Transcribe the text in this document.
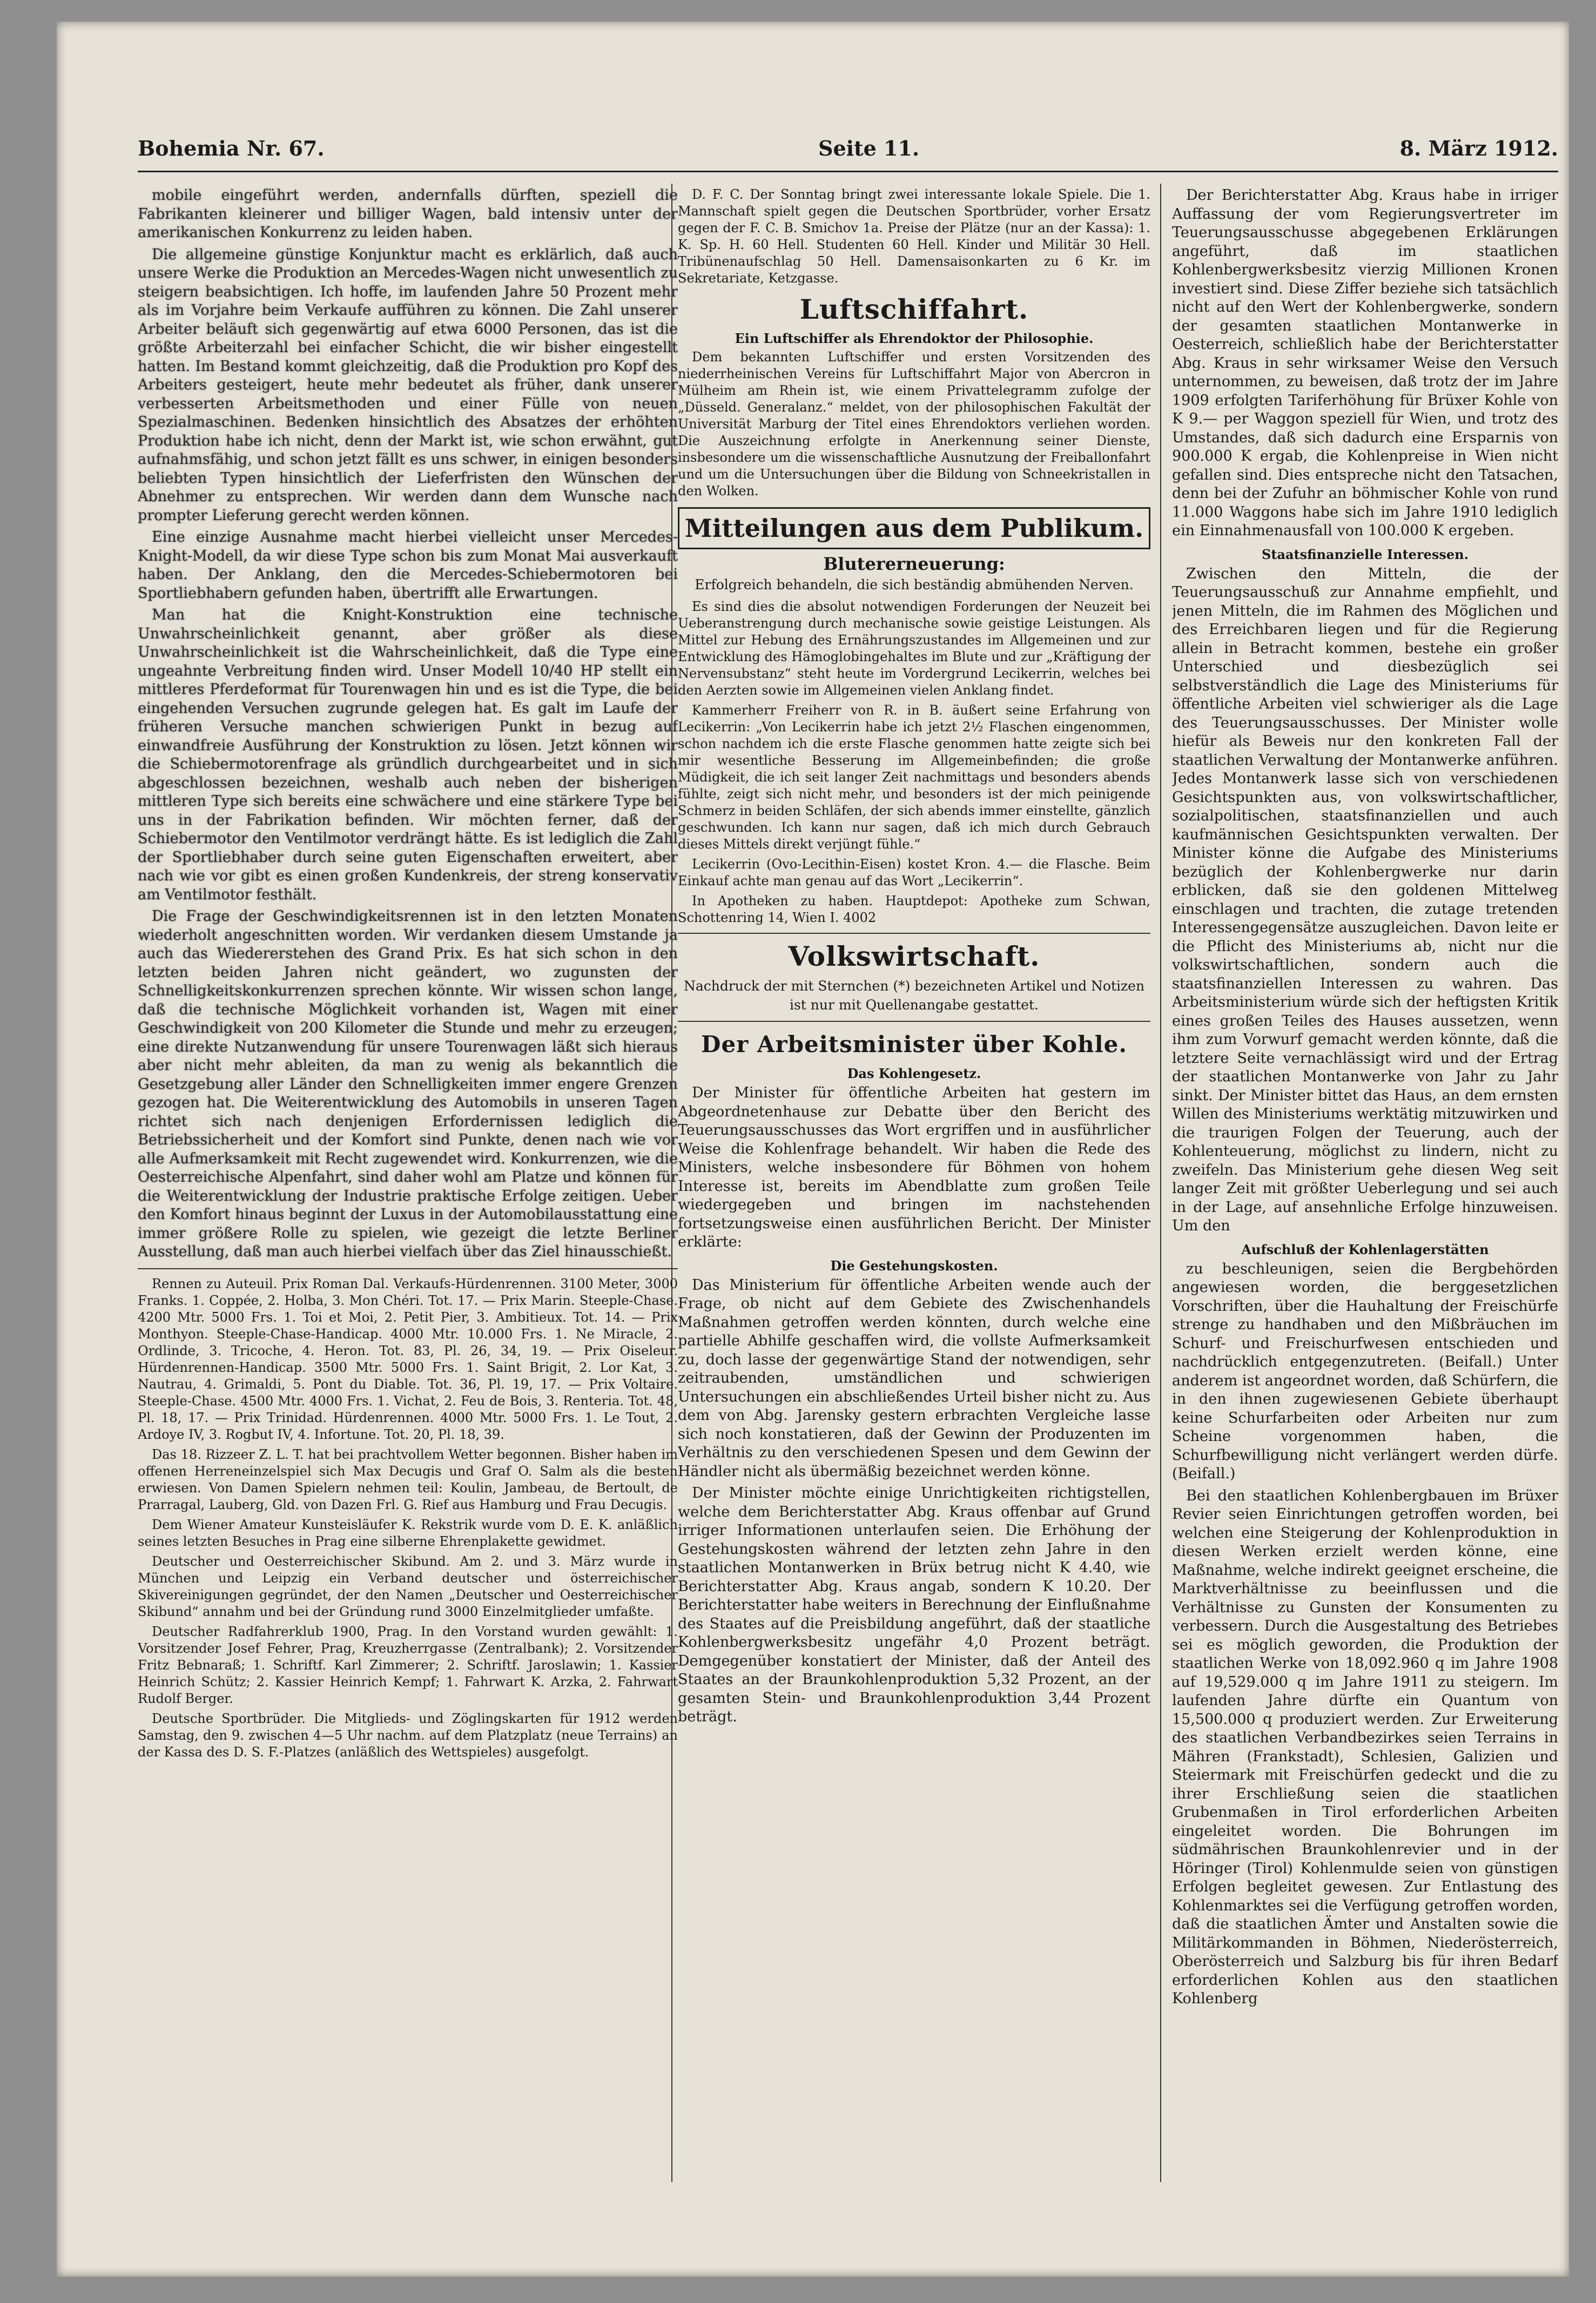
Bohemia Nr. 67.	Seite 11.	8. März 1912.

mobile eingeführt werden, andernfalls dürften, speziell die Fabrikanten kleinerer und billiger Wagen, bald intensiv unter der amerikanischen Konkurrenz zu leiden haben.

Die allgemeine günstige Konjunktur macht es erklärlich, daß auch unsere Werke die Produktion an Mercedes-Wagen nicht unwesentlich zu steigern beabsichtigen. Ich hoffe, im laufenden Jahre 50 Prozent mehr als im Vorjahre beim Verkaufe aufführen zu können. Die Zahl unserer Arbeiter beläuft sich gegenwärtig auf etwa 6000 Personen, das ist die größte Arbeiterzahl bei einfacher Schicht, die wir bisher eingestellt hatten. Im Bestand kommt gleichzeitig, daß die Produktion pro Kopf des Arbeiters gesteigert, heute mehr bedeutet als früher, dank unserer verbesserten Arbeitsmethoden und einer Fülle von neuen Spezialmaschinen. Bedenken hinsichtlich des Absatzes der erhöhten Produktion habe ich nicht, denn der Markt ist, wie schon erwähnt, gut aufnahmsfähig, und schon jetzt fällt es uns schwer, in einigen besonders beliebten Typen hinsichtlich der Lieferfristen den Wünschen der Abnehmer zu entsprechen. Wir werden dann dem Wunsche nach prompter Lieferung gerecht werden können.

Eine einzige Ausnahme macht hierbei vielleicht unser Mercedes-Knight-Modell, da wir diese Type schon bis zum Monat Mai ausverkauft haben. Der Anklang, den die Mercedes-Schiebermotoren bei Sportliebhabern gefunden haben, übertrifft alle Erwartungen.

Man hat die Knight-Konstruktion eine technische Unwahrscheinlichkeit genannt, aber größer als diese Unwahrscheinlichkeit ist die Wahrscheinlichkeit, daß die Type eine ungeahnte Verbreitung finden wird. Unser Modell 10/40 HP stellt ein mittleres Pferdeformat für Tourenwagen hin und es ist die Type, die bei eingehenden Versuchen zugrunde gelegen hat. Es galt im Laufe der früheren Versuche manchen schwierigen Punkt in bezug auf einwandfreie Ausführung der Konstruktion zu lösen. Jetzt können wir die Schiebermotorenfrage als gründlich durchgearbeitet und in sich abgeschlossen bezeichnen, weshalb auch neben der bisherigen mittleren Type sich bereits eine schwächere und eine stärkere Type bei uns in der Fabrikation befinden. Wir möchten ferner, daß der Schiebermotor den Ventilmotor verdrängt hätte. Es ist lediglich die Zahl der Sportliebhaber durch seine guten Eigenschaften erweitert, aber nach wie vor gibt es einen großen Kundenkreis, der streng konservativ am Ventilmotor festhält.

Die Frage der Geschwindigkeitsrennen ist in den letzten Monaten wiederholt angeschnitten worden. Wir verdanken diesem Umstande ja auch das Wiedererstehen des Grand Prix. Es hat sich schon in den letzten beiden Jahren nicht geändert, wo zugunsten der Schnelligkeitskonkurrenzen sprechen könnte. Wir wissen schon lange, daß die technische Möglichkeit vorhanden ist, Wagen mit einer Geschwindigkeit von 200 Kilometer die Stunde und mehr zu erzeugen; eine direkte Nutzanwendung für unsere Tourenwagen läßt sich hieraus aber nicht mehr ableiten, da man zu wenig als bekanntlich die Gesetzgebung aller Länder den Schnelligkeiten immer engere Grenzen gezogen hat. Die Weiterentwicklung des Automobils in unseren Tagen richtet sich nach denjenigen Erfordernissen lediglich die Betriebssicherheit und der Komfort sind Punkte, denen nach wie vor alle Aufmerksamkeit mit Recht zugewendet wird. Konkurrenzen, wie die Oesterreichische Alpenfahrt, sind daher wohl am Platze und können für die Weiterentwicklung der Industrie praktische Erfolge zeitigen. Ueber den Komfort hinaus beginnt der Luxus in der Automobilausstattung eine immer größere Rolle zu spielen, wie gezeigt die letzte Berliner Ausstellung, daß man auch hierbei vielfach über das Ziel hinausschießt.

Rennen zu Auteuil. Prix Roman Dal. Verkaufs-Hürdenrennen. 3100 Meter, 3000 Franks. 1. Coppée, 2. Holba, 3. Mon Chéri. Tot. 17. — Prix Marin. Steeple-Chase. 4200 Mtr. 5000 Frs. 1. Toi et Moi, 2. Petit Pier, 3. Ambitieux. Tot. 14. — Prix Monthyon. Steeple-Chase-Handicap. 4000 Mtr. 10.000 Frs. 1. Ne Miracle, 2. Ordlinde, 3. Tricoche, 4. Heron. Tot. 83, Pl. 26, 34, 19. — Prix Oiseleur. Hürdenrennen-Handicap. 3500 Mtr. 5000 Frs. 1. Saint Brigit, 2. Lor Kat, 3. Nautrau, 4. Grimaldi, 5. Pont du Diable. Tot. 36, Pl. 19, 17. — Prix Voltaire. Steeple-Chase. 4500 Mtr. 4000 Frs. 1. Vichat, 2. Feu de Bois, 3. Renteria. Tot. 48, Pl. 18, 17. — Prix Trinidad. Hürdenrennen. 4000 Mtr. 5000 Frs. 1. Le Tout, 2. Ardoye IV, 3. Rogbut IV, 4. Infortune. Tot. 20, Pl. 18, 39.

Das 18. Rizzeer Z. L. T. hat bei prachtvollem Wetter begonnen. Bisher haben im offenen Herreneinzelspiel sich Max Decugis und Graf O. Salm als die besten erwiesen. Von Damen Spielern nehmen teil: Koulin, Jambeau, de Bertoult, de Prarragal, Lauberg, Gld. von Dazen Frl. G. Rief aus Hamburg und Frau Decugis.

Dem Wiener Amateur Kunsteisläufer K. Rekstrik wurde vom D. E. K. anläßlich seines letzten Besuches in Prag eine silberne Ehrenplakette gewidmet.

Deutscher und Oesterreichischer Skibund. Am 2. und 3. März wurde in München und Leipzig ein Verband deutscher und österreichischer Skivereinigungen gegründet, der den Namen „Deutscher und Oesterreichischer Skibund“ annahm und bei der Gründung rund 3000 Einzelmitglieder umfaßte.

Deutscher Radfahrerklub 1900, Prag. In den Vorstand wurden gewählt: 1. Vorsitzender Josef Fehrer, Prag, Kreuzherrgasse (Zentralbank); 2. Vorsitzender Fritz Bebnaraß; 1. Schriftf. Karl Zimmerer; 2. Schriftf. Jaroslawin; 1. Kassier Heinrich Schütz; 2. Kassier Heinrich Kempf; 1. Fahrwart K. Arzka, 2. Fahrwart Rudolf Berger.

Deutsche Sportbrüder. Die Mitglieds- und Zöglingskarten für 1912 werden Samstag, den 9. zwischen 4—5 Uhr nachm. auf dem Platzplatz (neue Terrains) an der Kassa des D. S. F.-Platzes (anläßlich des Wettspieles) ausgefolgt.

D. F. C. Der Sonntag bringt zwei interessante lokale Spiele. Die 1. Mannschaft spielt gegen die Deutschen Sportbrüder, vorher Ersatz gegen der F. C. B. Smichov 1a. Preise der Plätze (nur an der Kassa): 1. K. Sp. H. 60 Hell. Studenten 60 Hell. Kinder und Militär 30 Hell. Tribünenaufschlag 50 Hell. Damensaisonkarten zu 6 Kr. im Sekretariate, Ketzgasse.

Luftschiffahrt.
Ein Luftschiffer als Ehrendoktor der Philosophie.

Dem bekannten Luftschiffer und ersten Vorsitzenden des niederrheinischen Vereins für Luftschiffahrt Major von Abercron in Mülheim am Rhein ist, wie einem Privattelegramm zufolge der „Düsseld. Generalanz.“ meldet, von der philosophischen Fakultät der Universität Marburg der Titel eines Ehrendoktors verliehen worden. Die Auszeichnung erfolgte in Anerkennung seiner Dienste, insbesondere um die wissenschaftliche Ausnutzung der Freiballonfahrt und um die Untersuchungen über die Bildung von Schneekristallen in den Wolken.

Mitteilungen aus dem Publikum.
Blutererneuerung:
Erfolgreich behandeln, die sich beständig abmühenden Nerven.

Es sind dies die absolut notwendigen Forderungen der Neuzeit bei Ueberanstrengung durch mechanische sowie geistige Leistungen. Als Mittel zur Hebung des Ernährungszustandes im Allgemeinen und zur Entwicklung des Hämoglobingehaltes im Blute und zur „Kräftigung der Nervensubstanz“ steht heute im Vordergrund Lecikerrin, welches bei den Aerzten sowie im Allgemeinen vielen Anklang findet.

Kammerherr Freiherr von R. in B. äußert seine Erfahrung von Lecikerrin: „Von Lecikerrin habe ich jetzt 2½ Flaschen eingenommen, schon nachdem ich die erste Flasche genommen hatte zeigte sich bei mir wesentliche Besserung im Allgemeinbefinden; die große Müdigkeit, die ich seit langer Zeit nachmittags und besonders abends fühlte, zeigt sich nicht mehr, und besonders ist der mich peinigende Schmerz in beiden Schläfen, der sich abends immer einstellte, gänzlich geschwunden. Ich kann nur sagen, daß ich mich durch Gebrauch dieses Mittels direkt verjüngt fühle.“

Lecikerrin (Ovo-Lecithin-Eisen) kostet Kron. 4.— die Flasche. Beim Einkauf achte man genau auf das Wort „Lecikerrin“.

In Apotheken zu haben. Hauptdepot: Apotheke zum Schwan, Schottenring 14, Wien I. 4002

Volkswirtschaft.
Nachdruck der mit Sternchen (*) bezeichneten Artikel und Notizen ist nur mit Quellenangabe gestattet.
Der Arbeitsminister über Kohle.
Das Kohlengesetz.

Der Minister für öffentliche Arbeiten hat gestern im Abgeordnetenhause zur Debatte über den Bericht des Teuerungsausschusses das Wort ergriffen und in ausführlicher Weise die Kohlenfrage behandelt. Wir haben die Rede des Ministers, welche insbesondere für Böhmen von hohem Interesse ist, bereits im Abendblatte zum großen Teile wiedergegeben und bringen im nachstehenden fortsetzungsweise einen ausführlichen Bericht. Der Minister erklärte:

Die Gestehungskosten.

Das Ministerium für öffentliche Arbeiten wende auch der Frage, ob nicht auf dem Gebiete des Zwischenhandels Maßnahmen getroffen werden könnten, durch welche eine partielle Abhilfe geschaffen wird, die vollste Aufmerksamkeit zu, doch lasse der gegenwärtige Stand der notwendigen, sehr zeitraubenden, umständlichen und schwierigen Untersuchungen ein abschließendes Urteil bisher nicht zu. Aus dem von Abg. Jarensky gestern erbrachten Vergleiche lasse sich noch konstatieren, daß der Gewinn der Produzenten im Verhältnis zu den verschiedenen Spesen und dem Gewinn der Händler nicht als übermäßig bezeichnet werden könne.

Der Minister möchte einige Unrichtigkeiten richtigstellen, welche dem Berichterstatter Abg. Kraus offenbar auf Grund irriger Informationen unterlaufen seien. Die Erhöhung der Gestehungskosten während der letzten zehn Jahre in den staatlichen Montanwerken in Brüx betrug nicht K 4.40, wie Berichterstatter Abg. Kraus angab, sondern K 10.20. Der Berichterstatter habe weiters in Berechnung der Einflußnahme des Staates auf die Preisbildung angeführt, daß der staatliche Kohlenbergwerksbesitz ungefähr 4,0 Prozent beträgt. Demgegenüber konstatiert der Minister, daß der Anteil des Staates an der Braunkohlenproduktion 5,32 Prozent, an der gesamten Stein- und Braunkohlenproduktion 3,44 Prozent beträgt.

Der Berichterstatter Abg. Kraus habe in irriger Auffassung der vom Regierungsvertreter im Teuerungsausschusse abgegebenen Erklärungen angeführt, daß im staatlichen Kohlenbergwerksbesitz vierzig Millionen Kronen investiert sind. Diese Ziffer beziehe sich tatsächlich nicht auf den Wert der Kohlenbergwerke, sondern der gesamten staatlichen Montanwerke in Oesterreich, schließlich habe der Berichterstatter Abg. Kraus in sehr wirksamer Weise den Versuch unternommen, zu beweisen, daß trotz der im Jahre 1909 erfolgten Tariferhöhung für Brüxer Kohle von K 9.— per Waggon speziell für Wien, und trotz des Umstandes, daß sich dadurch eine Ersparnis von 900.000 K ergab, die Kohlenpreise in Wien nicht gefallen sind. Dies entspreche nicht den Tatsachen, denn bei der Zufuhr an böhmischer Kohle von rund 11.000 Waggons habe sich im Jahre 1910 lediglich ein Einnahmenausfall von 100.000 K ergeben.

Staatsfinanzielle Interessen.

Zwischen den Mitteln, die der Teuerungsausschuß zur Annahme empfiehlt, und jenen Mitteln, die im Rahmen des Möglichen und des Erreichbaren liegen und für die Regierung allein in Betracht kommen, bestehe ein großer Unterschied und diesbezüglich sei selbstverständlich die Lage des Ministeriums für öffentliche Arbeiten viel schwieriger als die Lage des Teuerungsausschusses. Der Minister wolle hiefür als Beweis nur den konkreten Fall der staatlichen Verwaltung der Montanwerke anführen. Jedes Montanwerk lasse sich von verschiedenen Gesichtspunkten aus, von volkswirtschaftlicher, sozialpolitischen, staatsfinanziellen und auch kaufmännischen Gesichtspunkten verwalten. Der Minister könne die Aufgabe des Ministeriums bezüglich der Kohlenbergwerke nur darin erblicken, daß sie den goldenen Mittelweg einschlagen und trachten, die zutage tretenden Interessengegensätze auszugleichen. Davon leite er die Pflicht des Ministeriums ab, nicht nur die volkswirtschaftlichen, sondern auch die staatsfinanziellen Interessen zu wahren. Das Arbeitsministerium würde sich der heftigsten Kritik eines großen Teiles des Hauses aussetzen, wenn ihm zum Vorwurf gemacht werden könnte, daß die letztere Seite vernachlässigt wird und der Ertrag der staatlichen Montanwerke von Jahr zu Jahr sinkt. Der Minister bittet das Haus, an dem ernsten Willen des Ministeriums werktätig mitzuwirken und die traurigen Folgen der Teuerung, auch der Kohlenteuerung, möglichst zu lindern, nicht zu zweifeln. Das Ministerium gehe diesen Weg seit langer Zeit mit größter Ueberlegung und sei auch in der Lage, auf ansehnliche Erfolge hinzuweisen. Um den

Aufschluß der Kohlenlagerstätten

zu beschleunigen, seien die Bergbehörden angewiesen worden, die berggesetzlichen Vorschriften, über die Hauhaltung der Freischürfe strenge zu handhaben und den Mißbräuchen im Schurf- und Freischurfwesen entschieden und nachdrücklich entgegenzutreten. (Beifall.) Unter anderem ist angeordnet worden, daß Schürfern, die in den ihnen zugewiesenen Gebiete überhaupt keine Schurfarbeiten oder Arbeiten nur zum Scheine vorgenommen haben, die Schurfbewilligung nicht verlängert werden dürfe. (Beifall.)

Bei den staatlichen Kohlenbergbauen im Brüxer Revier seien Einrichtungen getroffen worden, bei welchen eine Steigerung der Kohlenproduktion in diesen Werken erzielt werden könne, eine Maßnahme, welche indirekt geeignet erscheine, die Marktverhältnisse zu beeinflussen und die Verhältnisse zu Gunsten der Konsumenten zu verbessern. Durch die Ausgestaltung des Betriebes sei es möglich geworden, die Produktion der staatlichen Werke von 18,092.960 q im Jahre 1908 auf 19,529.000 q im Jahre 1911 zu steigern. Im laufenden Jahre dürfte ein Quantum von 15,500.000 q produziert werden. Zur Erweiterung des staatlichen Verbandbezirkes seien Terrains in Mähren (Frankstadt), Schlesien, Galizien und Steiermark mit Freischürfen gedeckt und die zu ihrer Erschließung seien die staatlichen Grubenmaßen in Tirol erforderlichen Arbeiten eingeleitet worden. Die Bohrungen im südmährischen Braunkohlenrevier und in der Höringer (Tirol) Kohlenmulde seien von günstigen Erfolgen begleitet gewesen. Zur Entlastung des Kohlenmarktes sei die Verfügung getroffen worden, daß die staatlichen Ämter und Anstalten sowie die Militärkommanden in Böhmen, Niederösterreich, Oberösterreich und Salzburg bis für ihren Bedarf erforderlichen Kohlen aus den staatlichen Kohlenberg
